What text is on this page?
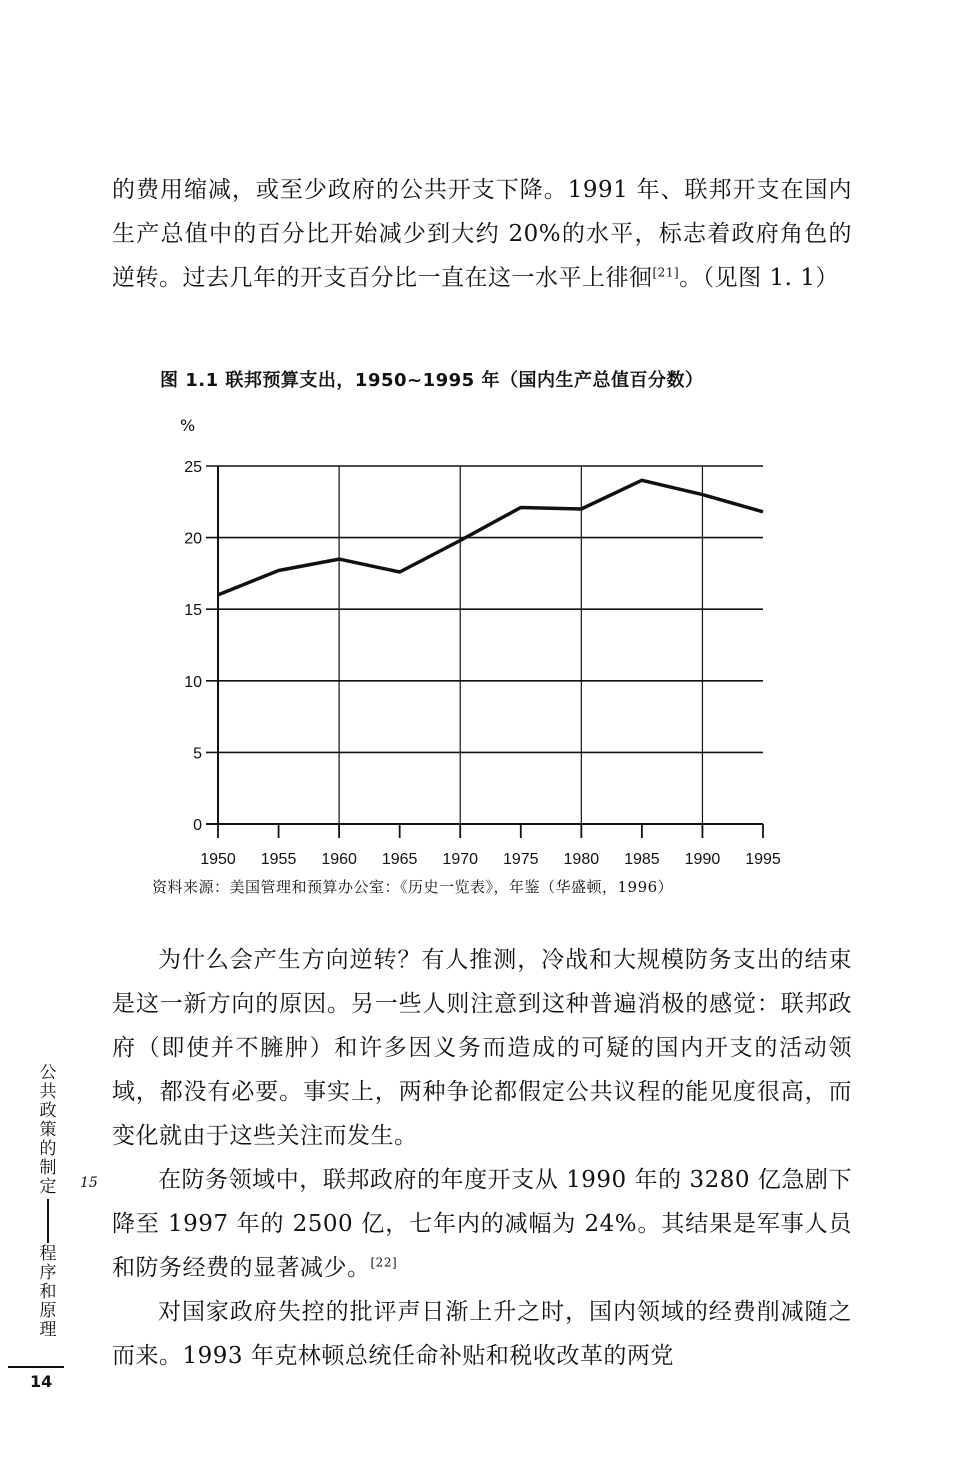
的费用缩减，或至少政府的公共开支下降。1991 年、联邦开支在国内生产总值中的百分比开始减少到大约 20%的水平，标志着政府角色的逆转。过去几年的开支百分比一直在这一水平上徘徊[21]。（见图 1. 1）
图 1.1 联邦预算支出，1950~1995 年（国内生产总值百分数）
%
0
5
10
15
20
25
1950 1955 1960 1965 1970 1975 1980 1985 1990 1995
资料来源：美国管理和预算办公室：《历史一览表》，年鉴（华盛顿，1996）
为什么会产生方向逆转？有人推测，冷战和大规模防务支出的结束是这一新方向的原因。另一些人则注意到这种普遍消极的感觉：联邦政府（即使并不臃肿）和许多因义务而造成的可疑的国内开支的活动领域，都没有必要。事实上，两种争论都假定公共议程的能见度很高，而变化就由于这些关注而发生。
在防务领域中，联邦政府的年度开支从 1990 年的 3280 亿急剧下降至 1997 年的 2500 亿，七年内的减幅为 24%。其结果是军事人员和防务经费的显著减少。[22]
对国家政府失控的批评声日渐上升之时，国内领域的经费削减随之而来。1993 年克林顿总统任命补贴和税收改革的两党
公
共
政
策
的
制
定
程
序
和
原
理
15
14
